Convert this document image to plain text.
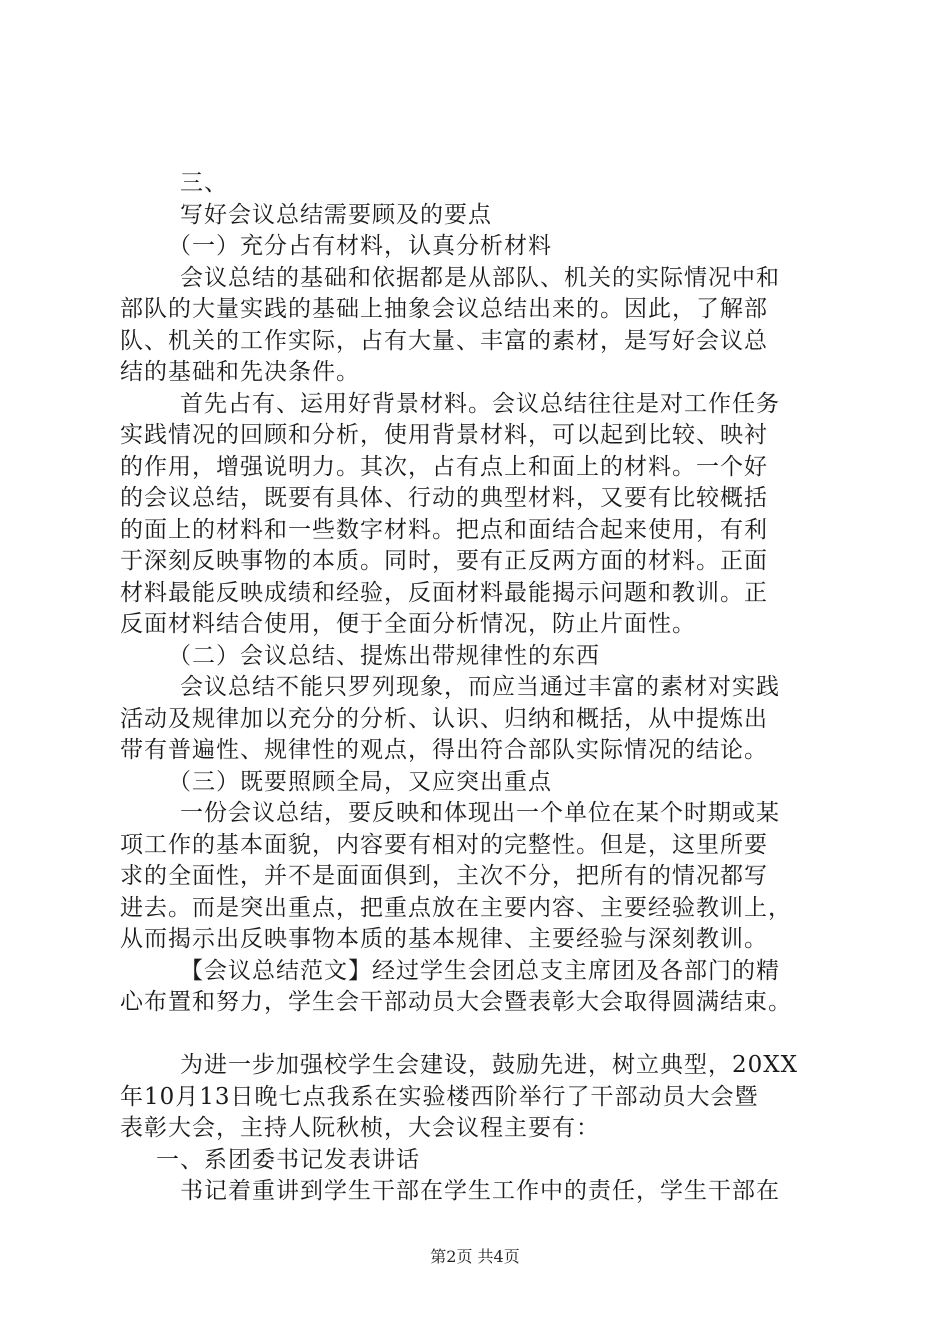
三、
写好会议总结需要顾及的要点
（一）充分占有材料，认真分析材料
会议总结的基础和依据都是从部队、机关的实际情况中和
部队的大量实践的基础上抽象会议总结出来的。因此，了解部
队、机关的工作实际，占有大量、丰富的素材，是写好会议总
结的基础和先决条件。
首先占有、运用好背景材料。会议总结往往是对工作任务
实践情况的回顾和分析，使用背景材料，可以起到比较、映衬
的作用，增强说明力。其次，占有点上和面上的材料。一个好
的会议总结，既要有具体、行动的典型材料，又要有比较概括
的面上的材料和一些数字材料。把点和面结合起来使用，有利
于深刻反映事物的本质。同时，要有正反两方面的材料。正面
材料最能反映成绩和经验，反面材料最能揭示问题和教训。正
反面材料结合使用，便于全面分析情况，防止片面性。
（二）会议总结、提炼出带规律性的东西
会议总结不能只罗列现象，而应当通过丰富的素材对实践
活动及规律加以充分的分析、认识、归纳和概括，从中提炼出
带有普遍性、规律性的观点，得出符合部队实际情况的结论。
（三）既要照顾全局，又应突出重点
一份会议总结，要反映和体现出一个单位在某个时期或某
项工作的基本面貌，内容要有相对的完整性。但是，这里所要
求的全面性，并不是面面俱到，主次不分，把所有的情况都写
进去。而是突出重点，把重点放在主要内容、主要经验教训上，
从而揭示出反映事物本质的基本规律、主要经验与深刻教训。
【会议总结范文】经过学生会团总支主席团及各部门的精
心布置和努力，学生会干部动员大会暨表彰大会取得圆满结束。
为进一步加强校学生会建设，鼓励先进，树立典型，20XX
年10月13日晚七点我系在实验楼西阶举行了干部动员大会暨
表彰大会，主持人阮秋桢，大会议程主要有：
一、系团委书记发表讲话
书记着重讲到学生干部在学生工作中的责任，学生干部在
第2页 共4页
